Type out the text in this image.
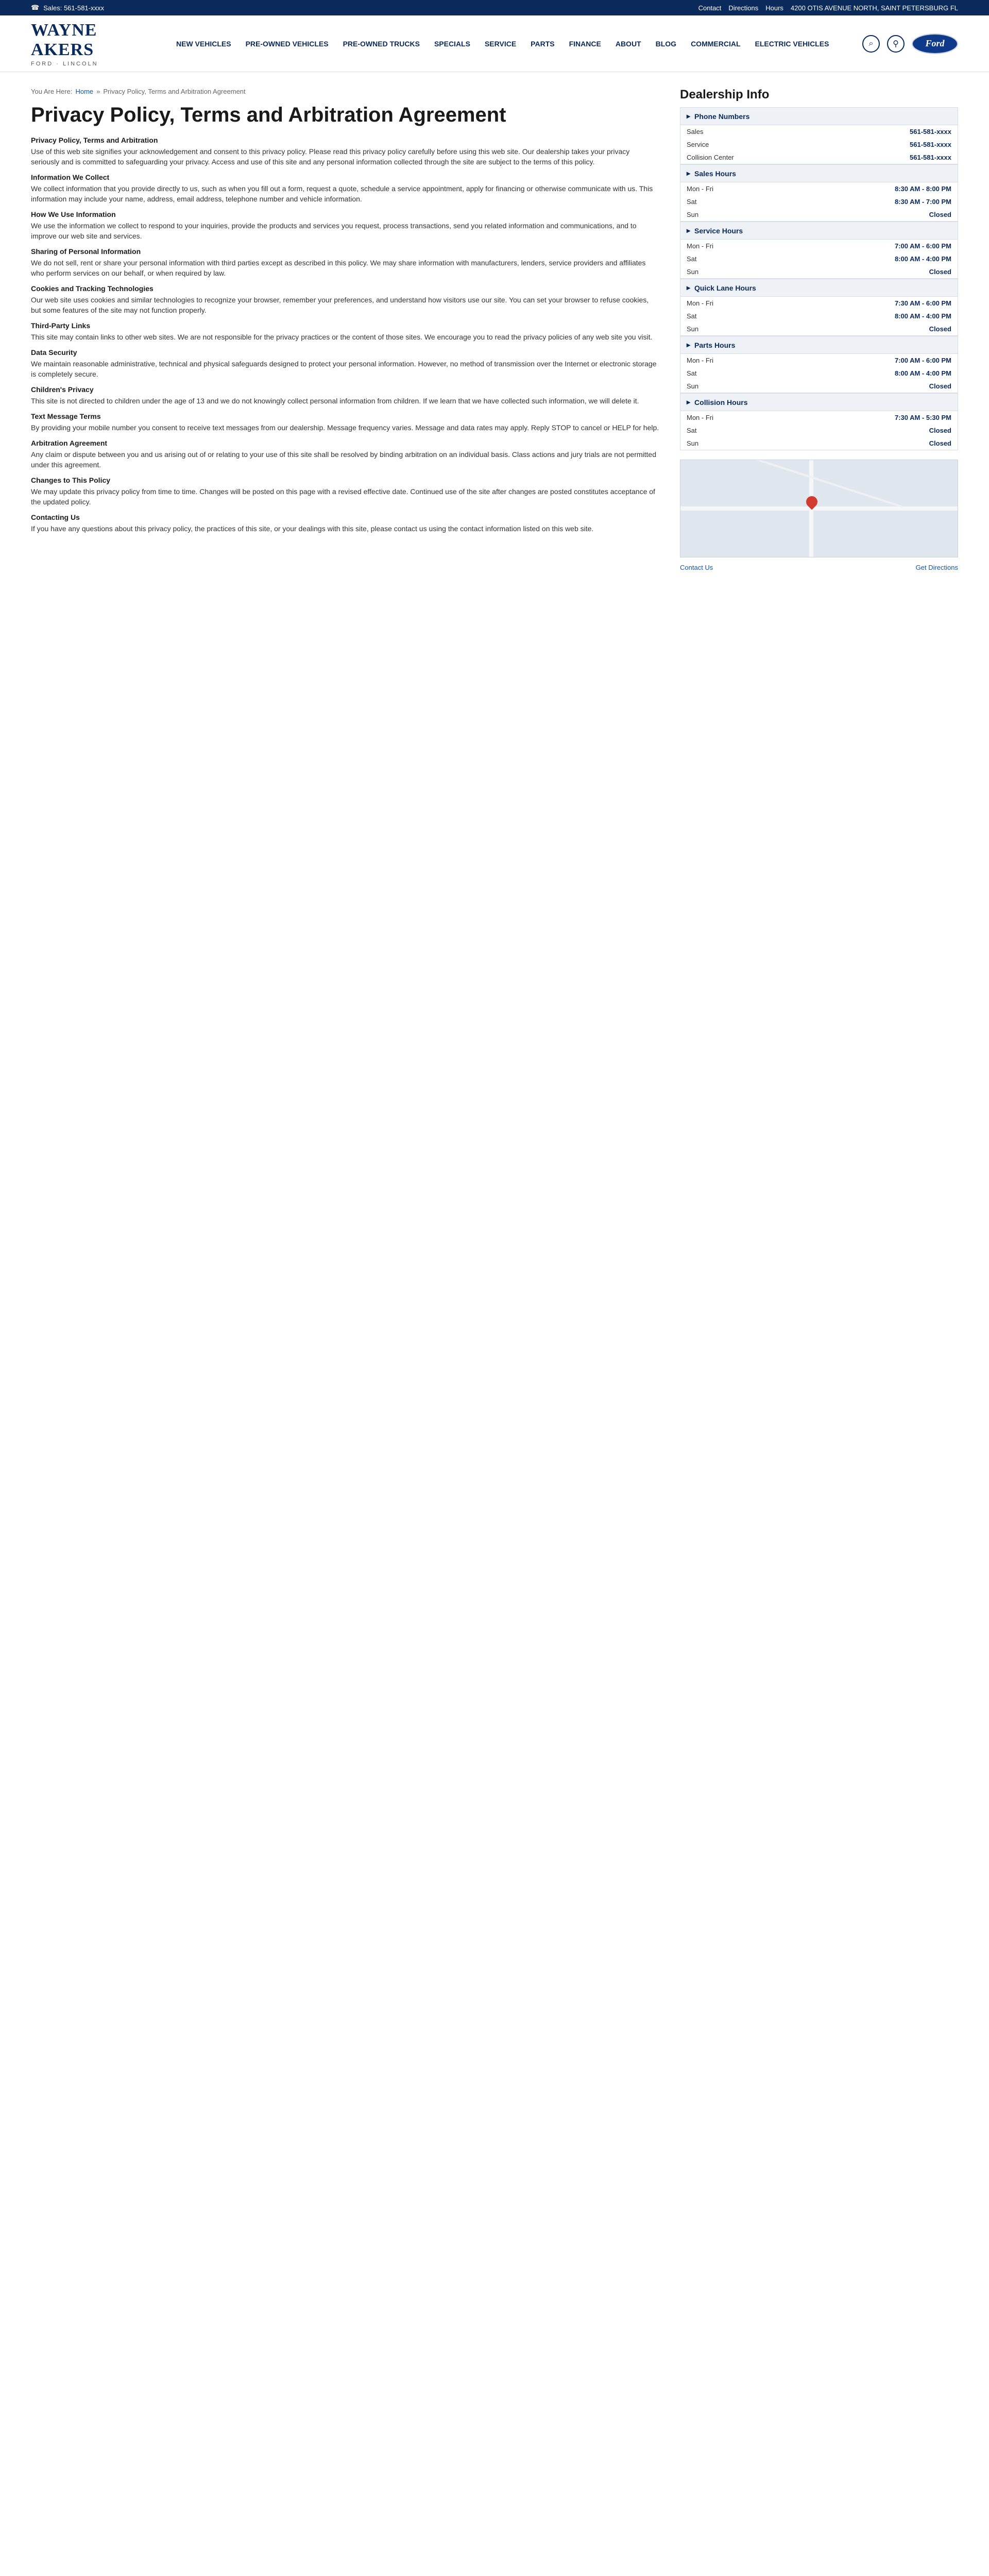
☎ Sales: 561-581-xxxx	Contact Directions Hours 4200 OTIS AVENUE NORTH, SAINT PETERSBURG FL
WAYNE AKERS
FORD · LINCOLN
NEW VEHICLES	PRE-OWNED VEHICLES	PRE-OWNED TRUCKS	SPECIALS	SERVICE	PARTS	FINANCE	ABOUT	BLOG	COMMERCIAL	ELECTRIC VEHICLES	⌕	⚲	Ford
You Are Here: Home » Privacy Policy, Terms and Arbitration Agreement
Privacy Policy, Terms and Arbitration Agreement
Privacy Policy, Terms and Arbitration

Use of this web site signifies your acknowledgement and consent to this privacy policy. Please read this privacy policy carefully before using this web site. Our dealership takes your privacy seriously and is committed to safeguarding your privacy. Access and use of this site and any personal information collected through the site are subject to the terms of this policy.

Information We Collect

We collect information that you provide directly to us, such as when you fill out a form, request a quote, schedule a service appointment, apply for financing or otherwise communicate with us. This information may include your name, address, email address, telephone number and vehicle information.

How We Use Information

We use the information we collect to respond to your inquiries, provide the products and services you request, process transactions, send you related information and communications, and to improve our web site and services.

Sharing of Personal Information

We do not sell, rent or share your personal information with third parties except as described in this policy. We may share information with manufacturers, lenders, service providers and affiliates who perform services on our behalf, or when required by law.

Cookies and Tracking Technologies

Our web site uses cookies and similar technologies to recognize your browser, remember your preferences, and understand how visitors use our site. You can set your browser to refuse cookies, but some features of the site may not function properly.

Third-Party Links

This site may contain links to other web sites. We are not responsible for the privacy practices or the content of those sites. We encourage you to read the privacy policies of any web site you visit.

Data Security

We maintain reasonable administrative, technical and physical safeguards designed to protect your personal information. However, no method of transmission over the Internet or electronic storage is completely secure.

Children's Privacy

This site is not directed to children under the age of 13 and we do not knowingly collect personal information from children. If we learn that we have collected such information, we will delete it.

Text Message Terms

By providing your mobile number you consent to receive text messages from our dealership. Message frequency varies. Message and data rates may apply. Reply STOP to cancel or HELP for help.

Arbitration Agreement

Any claim or dispute between you and us arising out of or relating to your use of this site shall be resolved by binding arbitration on an individual basis. Class actions and jury trials are not permitted under this agreement.

Changes to This Policy

We may update this privacy policy from time to time. Changes will be posted on this page with a revised effective date. Continued use of the site after changes are posted constitutes acceptance of the updated policy.

Contacting Us

If you have any questions about this privacy policy, the practices of this site, or your dealings with this site, please contact us using the contact information listed on this web site.

Dealership Info
▸ Phone Numbers
Sales	561-581-xxxx
Service	561-581-xxxx
Collision Center	561-581-xxxx
▸ Sales Hours
Mon - Fri	8:30 AM - 8:00 PM
Sat	8:30 AM - 7:00 PM
Sun	Closed
▸ Service Hours
Mon - Fri	7:00 AM - 6:00 PM
Sat	8:00 AM - 4:00 PM
Sun	Closed
▸ Quick Lane Hours
Mon - Fri	7:30 AM - 6:00 PM
Sat	8:00 AM - 4:00 PM
Sun	Closed
▸ Parts Hours
Mon - Fri	7:00 AM - 6:00 PM
Sat	8:00 AM - 4:00 PM
Sun	Closed
▸ Collision Hours
Mon - Fri	7:30 AM - 5:30 PM
Sat	Closed
Sun	Closed
Contact Us	Get Directions
